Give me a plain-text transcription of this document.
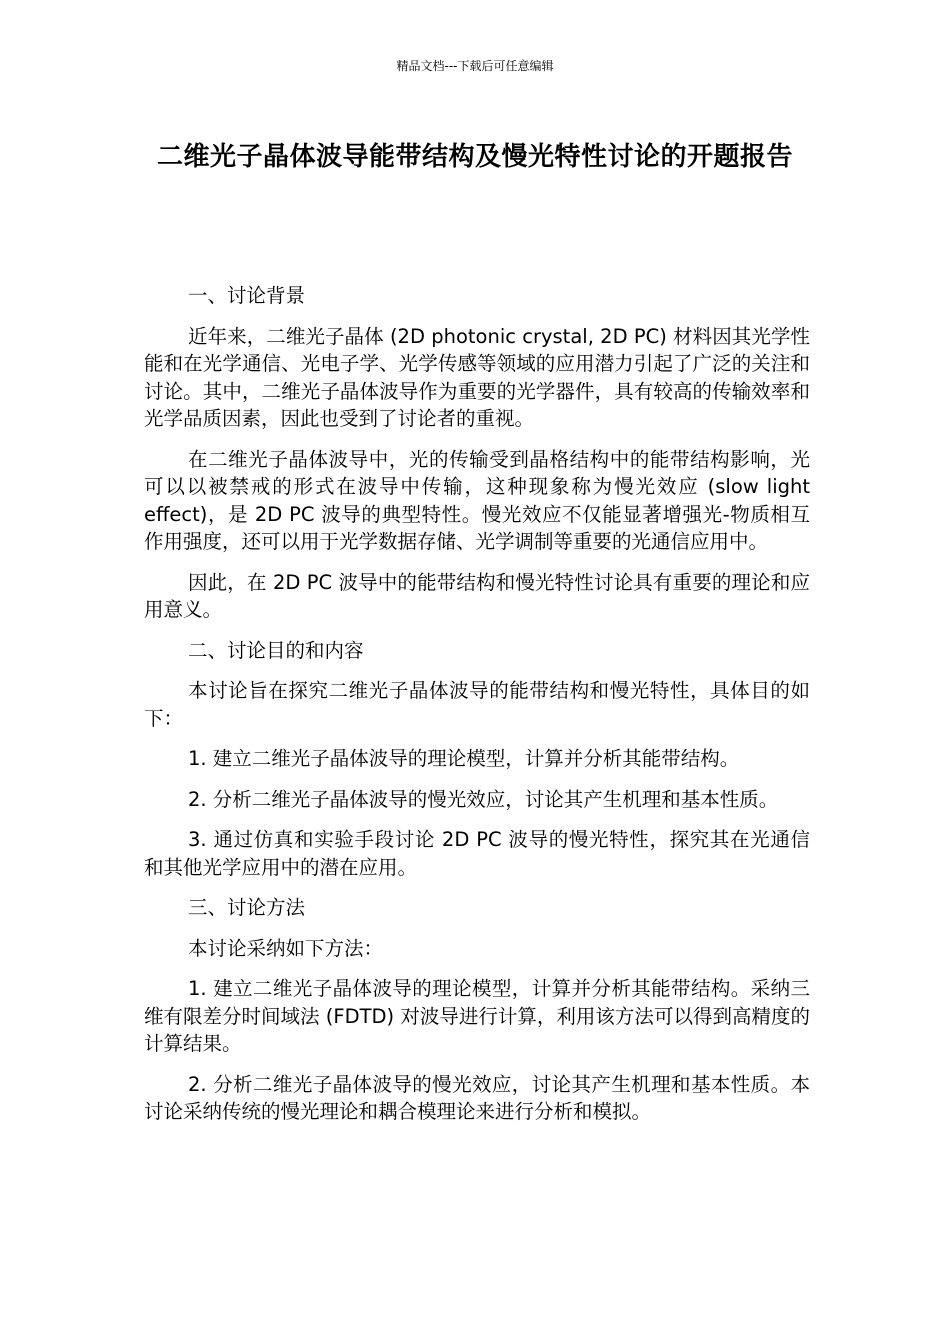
精品文档---下载后可任意编辑
二维光子晶体波导能带结构及慢光特性讨论的开题报告

一、讨论背景

近年来，二维光子晶体 (2D photonic crystal, 2D PC) 材料因其光学性能和在光学通信、光电子学、光学传感等领域的应用潜力引起了广泛的关注和讨论。其中，二维光子晶体波导作为重要的光学器件，具有较高的传输效率和光学品质因素，因此也受到了讨论者的重视。

在二维光子晶体波导中，光的传输受到晶格结构中的能带结构影响，光可以以被禁戒的形式在波导中传输，这种现象称为慢光效应 (slow light effect)，是 2D PC 波导的典型特性。慢光效应不仅能显著增强光-物质相互作用强度，还可以用于光学数据存储、光学调制等重要的光通信应用中。

因此，在 2D PC 波导中的能带结构和慢光特性讨论具有重要的理论和应用意义。

二、讨论目的和内容

本讨论旨在探究二维光子晶体波导的能带结构和慢光特性，具体目的如下：

1. 建立二维光子晶体波导的理论模型，计算并分析其能带结构。

2. 分析二维光子晶体波导的慢光效应，讨论其产生机理和基本性质。

3. 通过仿真和实验手段讨论 2D PC 波导的慢光特性，探究其在光通信和其他光学应用中的潜在应用。

三、讨论方法

本讨论采纳如下方法：

1. 建立二维光子晶体波导的理论模型，计算并分析其能带结构。采纳三维有限差分时间域法 (FDTD) 对波导进行计算，利用该方法可以得到高精度的计算结果。

2. 分析二维光子晶体波导的慢光效应，讨论其产生机理和基本性质。本讨论采纳传统的慢光理论和耦合模理论来进行分析和模拟。
